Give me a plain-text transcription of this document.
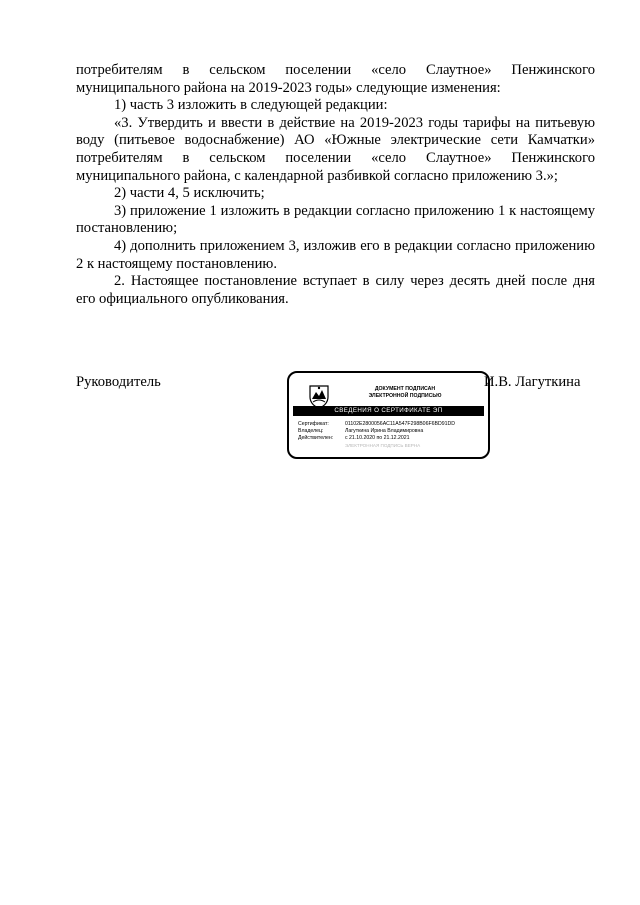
потребителям в сельском поселении «село Слаутное» Пенжинского

муниципального района на 2019-2023 годы» следующие изменения:

1) часть 3 изложить в следующей редакции:

«3. Утвердить и ввести в действие на 2019-2023 годы тарифы на питьевую воду (питьевое водоснабжение) АО «Южные электрические сети Камчатки» потребителям в сельском поселении «село Слаутное» Пенжинского муниципального района, с календарной разбивкой согласно приложению 3.»;

2) части 4, 5 исключить;

3) приложение 1 изложить в редакции согласно приложению 1 к настоящему постановлению;

4) дополнить приложением 3, изложив его в редакции согласно приложению 2 к настоящему постановлению.

2. Настоящее постановление вступает в силу через десять дней после дня его официального опубликования.

Руководитель	ДОКУМЕНТ ПОДПИСАН ЭЛЕКТРОННОЙ ПОДПИСЬЮ
СВЕДЕНИЯ О СЕРТИФИКАТЕ ЭП
Сертификат:	01102E2800056AC11A547F298B06F6BD91DD
Владелец:	Лагуткина Ирина Владимировна
Действителен: с 21.10.2020 по 21.12.2021
ЭЛЕКТРОННАЯ ПОДПИСЬ ВЕРНА
И.В. Лагуткина
